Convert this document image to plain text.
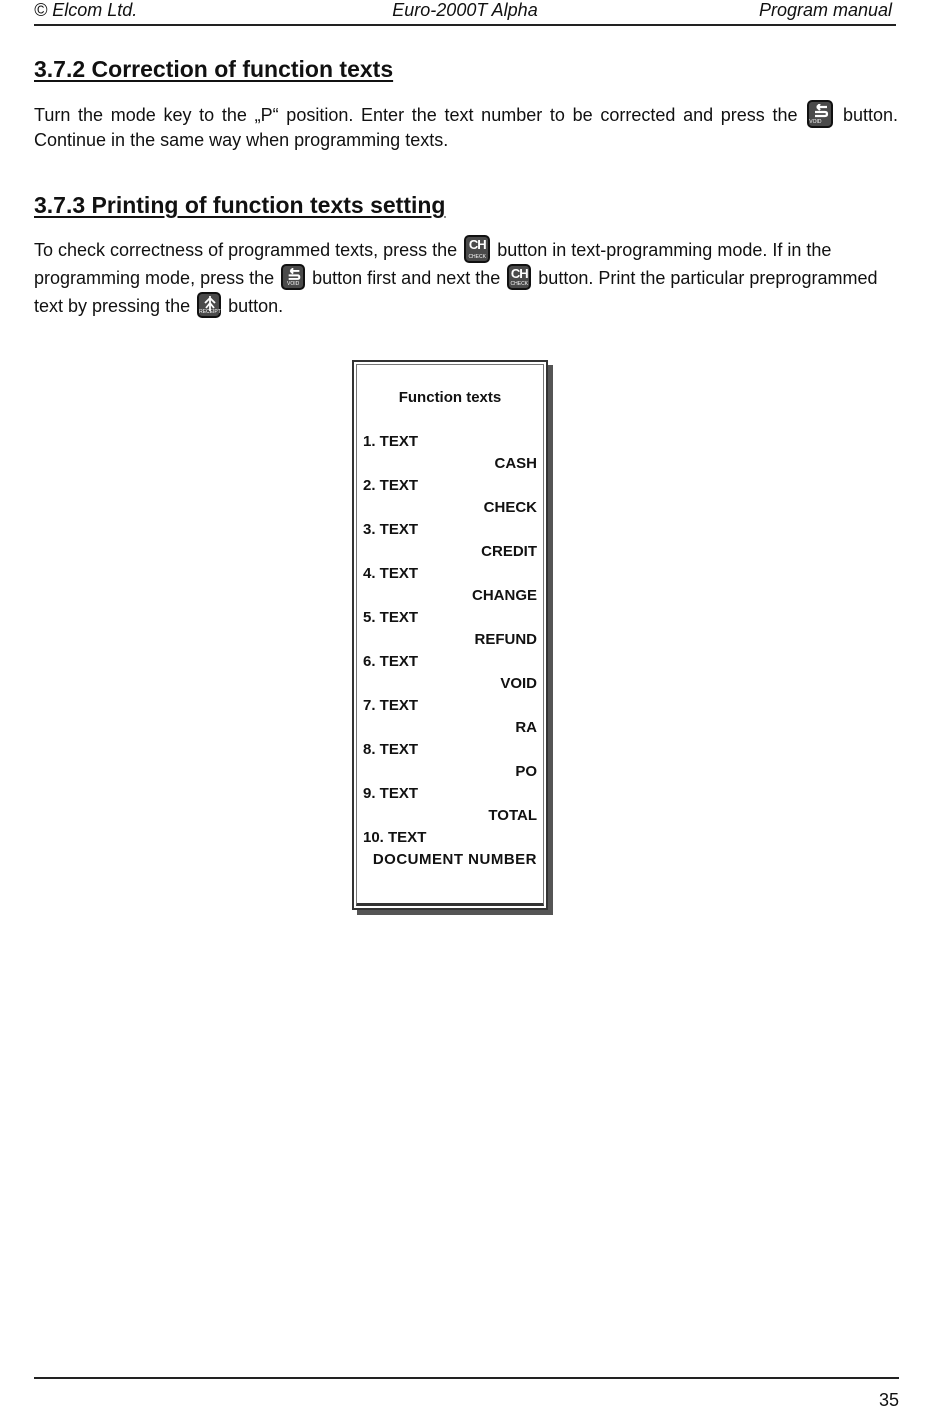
© Elcom Ltd.	Euro-2000T Alpha	Program manual
3.7.2 Correction of function texts

Turn the mode key to the „P“ position. Enter the text number to be corrected and press the VOID	button. Continue in the same way when programming texts.

3.7.3 Printing of function texts setting

To check correctness of programmed texts, press the CH
CHECK button in text-programming mode. If in the programming mode, press the	VOID button first and next the CH
CHECK button. Print the particular preprogrammed text by pressing the RECEIPT button.

Function texts
1. TEXT
CASH
2. TEXT
CHECK
3. TEXT
CREDIT
4. TEXT
CHANGE
5. TEXT
REFUND
6. TEXT
VOID
7. TEXT
RA
8. TEXT
PO
9. TEXT
TOTAL
10. TEXT
DOCUMENT NUMBER
35
